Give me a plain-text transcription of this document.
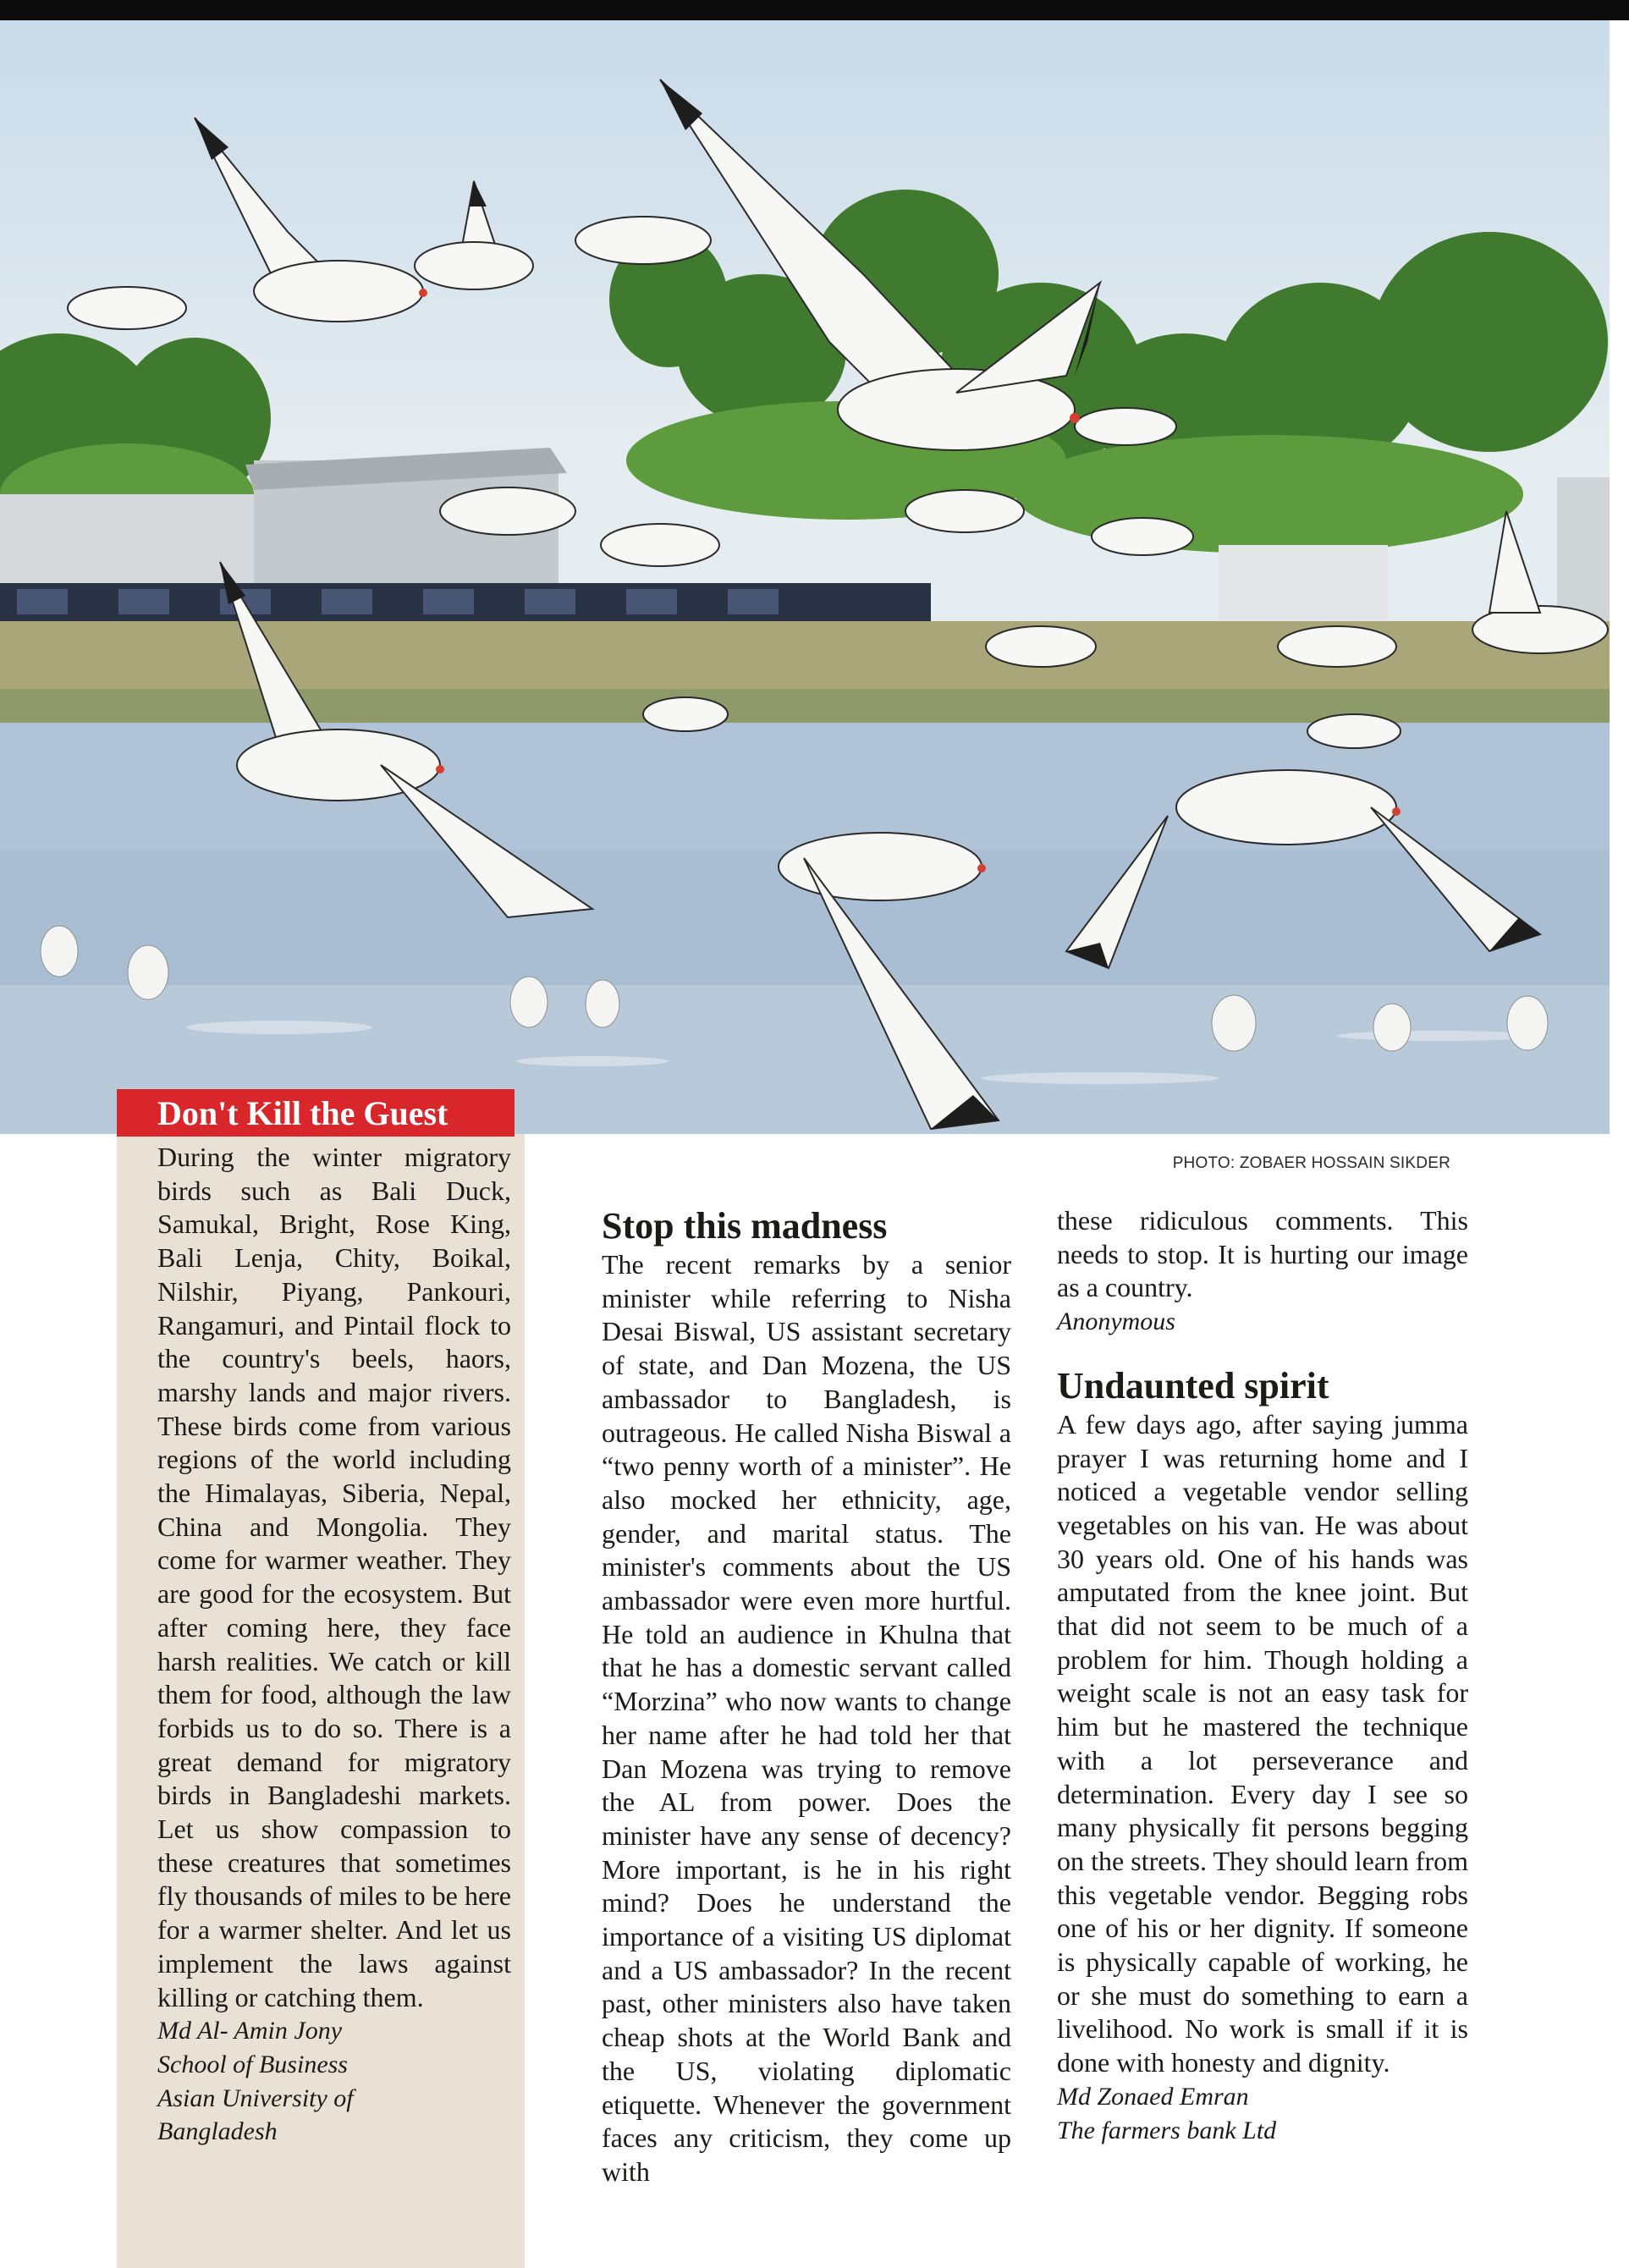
PHOTO: ZOBAER HOSSAIN SIKDER

Don't Kill the Guest

During the winter migratory birds such as Bali Duck, Samukal, Bright, Rose King, Bali Lenja, Chity, Boikal, Nilshir, Piyang, Pankouri, Rangamuri, and Pintail flock to the country's beels, haors, marshy lands and major rivers. These birds come from various regions of the world including the Himalayas, Siberia, Nepal, China and Mongolia. They come for warmer weather. They are good for the ecosystem. But after coming here, they face harsh realities. We catch or kill them for food, although the law forbids us to do so. There is a great demand for migratory birds in Bangladeshi markets. Let us show compassion to these creatures that sometimes fly thousands of miles to be here for a warmer shelter. And let us implement the laws against killing or catching them.

Md Al- Amin Jony

School of Business

Asian University of

Bangladesh

Stop this madness

The recent remarks by a senior minister while referring to Nisha Desai Biswal, US assistant secretary of state, and Dan Mozena, the US ambassador to Bangladesh, is outrageous. He called Nisha Biswal a “two penny worth of a minister”. He also mocked her ethnicity, age, gender, and marital status. The minister's comments about the US ambassador were even more hurtful. He told an audience in Khulna that that he has a domestic servant called “Morzina” who now wants to change her name after he had told her that Dan Mozena was trying to remove the AL from power. Does the minister have any sense of decency? More important, is he in his right mind? Does he understand the importance of a visiting US diplomat and a US ambassador? In the recent past, other ministers also have taken cheap shots at the World Bank and the US, violating diplomatic etiquette. Whenever the government faces any criticism, they come up with

these ridiculous comments. This needs to stop. It is hurting our image as a country.

Anonymous

Undaunted spirit

A few days ago, after saying jumma prayer I was returning home and I noticed a vegetable vendor selling vegetables on his van. He was about 30 years old. One of his hands was amputated from the knee joint. But that did not seem to be much of a problem for him. Though holding a weight scale is not an easy task for him but he mastered the technique with a lot perseverance and determination. Every day I see so many physically fit persons begging on the streets. They should learn from this vegetable vendor. Begging robs one of his or her dignity. If someone is physically capable of working, he or she must do something to earn a livelihood. No work is small if it is done with honesty and dignity.

Md Zonaed Emran

The farmers bank Ltd
